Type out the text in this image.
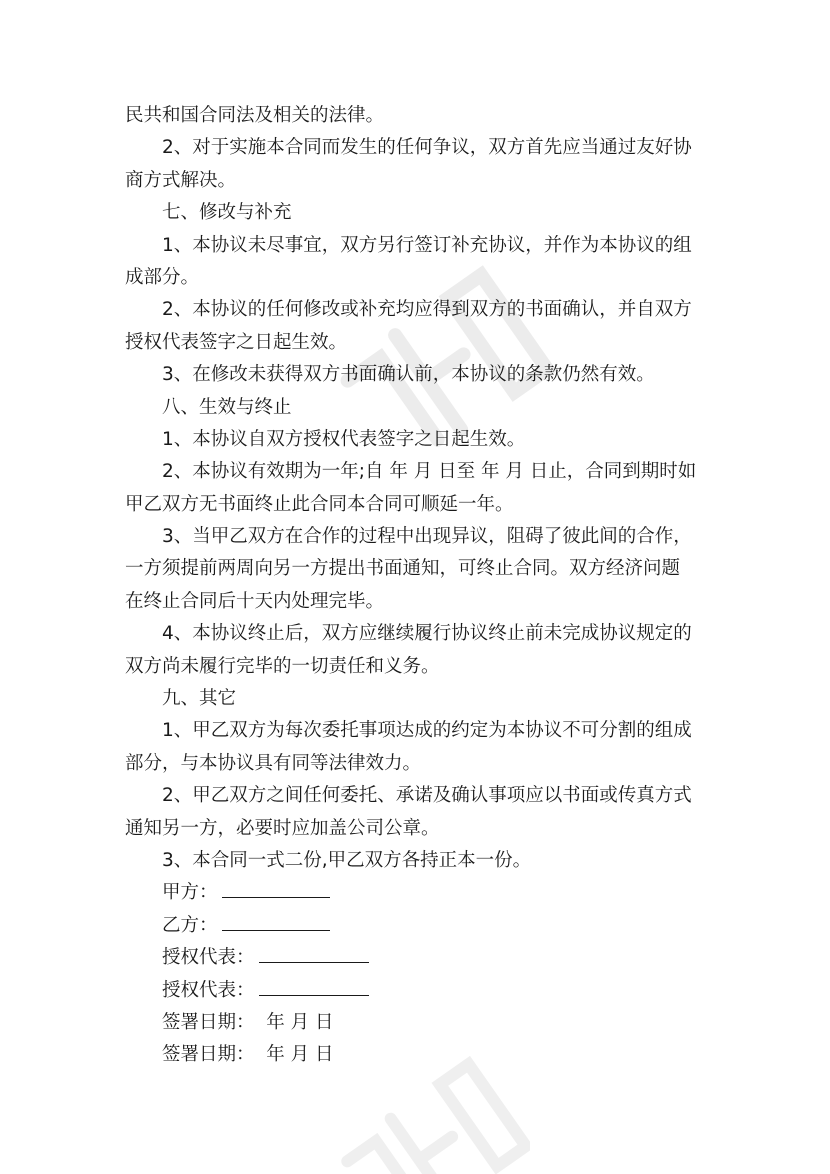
民共和国合同法及相关的法律。
2、对于实施本合同而发生的任何争议，双方首先应当通过友好协
商方式解决。
七、修改与补充
1、本协议未尽事宜，双方另行签订补充协议，并作为本协议的组
成部分。
2、本协议的任何修改或补充均应得到双方的书面确认，并自双方
授权代表签字之日起生效。
3、在修改未获得双方书面确认前，本协议的条款仍然有效。
八、生效与终止
1、本协议自双方授权代表签字之日起生效。
2、本协议有效期为一年;自 年 月 日至 年 月 日止，合同到期时如
甲乙双方无书面终止此合同本合同可顺延一年。
3、当甲乙双方在合作的过程中出现异议，阻碍了彼此间的合作，
一方须提前两周向另一方提出书面通知，可终止合同。双方经济问题
在终止合同后十天内处理完毕。
4、本协议终止后，双方应继续履行协议终止前未完成协议规定的
双方尚未履行完毕的一切责任和义务。
九、其它
1、甲乙双方为每次委托事项达成的约定为本协议不可分割的组成
部分，与本协议具有同等法律效力。
2、甲乙双方之间任何委托、承诺及确认事项应以书面或传真方式
通知另一方，必要时应加盖公司公章。
3、本合同一式二份,甲乙双方各持正本一份。
甲方：
乙方：
授权代表：
授权代表：
签署日期：  年 月 日
签署日期：  年 月 日
